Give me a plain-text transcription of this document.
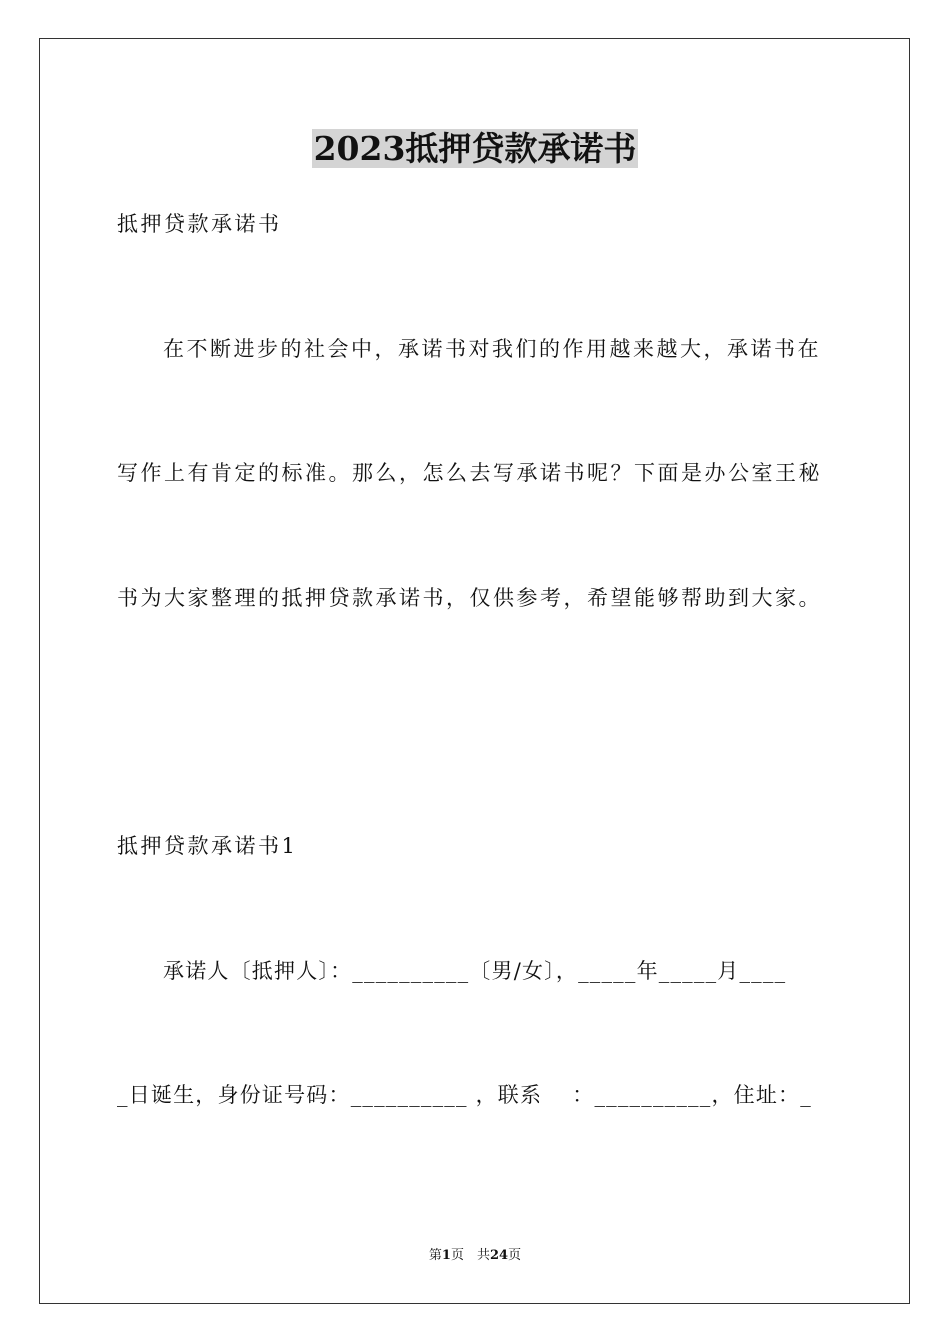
2023抵押贷款承诺书
抵押贷款承诺书
在不断进步的社会中，承诺书对我们的作用越来越大，承诺书在
写作上有肯定的标准。那么，怎么去写承诺书呢？下面是办公室王秘
书为大家整理的抵押贷款承诺书，仅供参考，希望能够帮助到大家。
抵押贷款承诺书1
承诺人〔抵押人〕：__________〔男/女〕，_____年_____月____
_日诞生，身份证号码：__________ ，联系　 ：__________，住址：_
第1页　共24页
